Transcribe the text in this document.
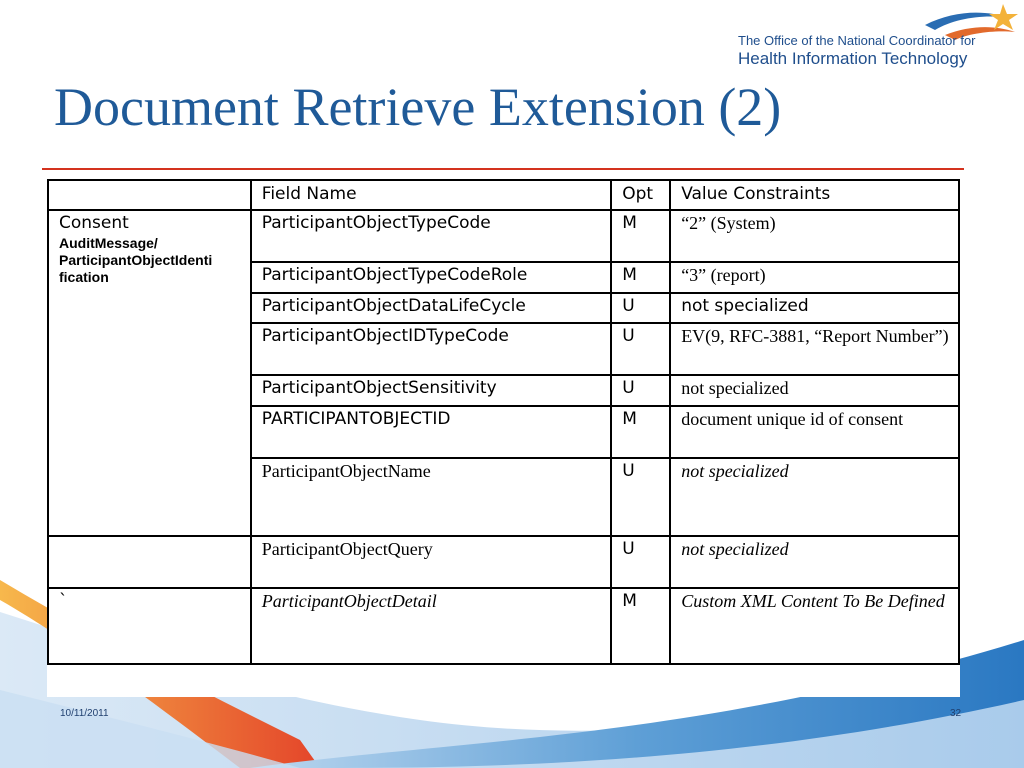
The Office of the National Coordinator for
Health Information Technology
Document Retrieve Extension (2)
	Field Name	Opt	Value Constraints
Consent
AuditMessage/ ParticipantObjectIdenti fication	ParticipantObjectTypeCode	M	“2” (System)
	ParticipantObjectTypeCodeRole	M	“3” (report)
	ParticipantObjectDataLifeCycle	U	not specialized
	ParticipantObjectIDTypeCode	U	EV(9, RFC-3881, “Report Number”)
	ParticipantObjectSensitivity	U	not specialized
	PARTICIPANTOBJECTID	M	document unique id of consent
	ParticipantObjectName	U	not specialized
	ParticipantObjectQuery	U	not specialized
`	ParticipantObjectDetail	M	Custom XML Content To Be Defined
10/11/2011	32
